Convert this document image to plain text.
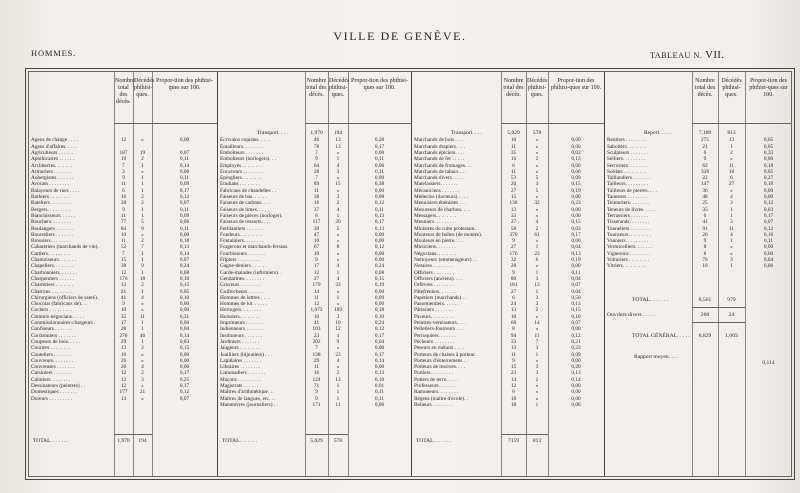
VILLE DE GENÈVE.
HOMMES.	TABLEAU N. VII.
Nombre total des décès.
Décédés phthisi-ques.
Propor-tion des phthisi-ques sur 100.
Agens de change . . . .	12	»	0,00
Agens d'affaires. . . . .
Agriculteurs . . . . . .	187	19	0,07
Apothicaires . . . . . .	19	2	0,11
Architectes. . . . . . .	7	1	0,14
Armuriers . . . . . . .	3	»	0,00
Aubergistes. . . . . . .	9	1	0,11
Avocats . . . . . . . .	11	1	0,09
Balayeurs de rues . . . .	6	1	0,17
Barbiers . . . . . . . .	16	2	0,12
Bateliers . . . . . . . .	28	2	0,07
Bergers. . . . . . . . .	9	1	0,11
Blanchisseurs. . . . . .	11	1	0,09
Bouchers. . . . . . . .	77	5	0,06
Boulangers . . . . . . .	84	9	0,11
Bourreliers . . . . . . .	10	»	0,00
Brossiers. . . . . . . .	11	2	0,18
Cabaretiers (marchands de vin).	52	7	0,13
Cartiers. . . . . . . . .	7	1	0,14
Chamoiseurs. . . . . . .	15	1	0,07
Chapeliers. . . . . . . .	38	9	0,24
Charbonniers. . . . . . .	12	1	0,08
Charpentiers . . . . . .	176	18	0,10
Charretiers . . . . . . .	13	2	0,15
Charrons . . . . . . . .	21	1	0,05
Chirurgiens (officiers de santé).	41	4	0,10
Chocolat (fabricans de). . .	9	»	0,00
Cochers . . . . . . . . .	10	»	0,00
Commis-négocians. . . . .	35	11	0,31
Commissionnaires-chargeurs .	17	1	0,06
Confiseurs . . . . . . .	28	1	0,04
Cordonniers . . . . . . .	276	46	0,14
Coupeurs de bois. . . . .	29	1	0,03
Couriers . . . . . . . .	13	2	0,15
Couteliers . . . . . . .	10	»	0,00
Couvreurs. . . . . . . .	26	»	0,00
Couvreuses . . . . . . .	26	4	0,00
Cuisiniers . . . . . . .	12	2	0,17
Culotiers. . . . . . . .	12	3	0,25
Dessinateurs (peintres) . .	12	»	0,17
Domestiques . . . . . . .	177	21	0,12
Doreurs . . . . . . . . .	13	»	0,07
TOTAL. . . . . . .	1,970	194
Nombre total des décès.
Décédés phthisi-ques.
Propor-tion des phthisi-ques sur 100.
Transport. . . .	1,970	194
Écrivains copistes. . . . .	46	13	0,28
Émailleurs. . . . . . . .	78	13	0,17
Emboîteurs . . . . . . .	7	»	0,00
Emboîteurs (horlogers). . .	9	1	0,11
Employés . . . . . . . .	64	4	0,06
Encaveurs . . . . . . . .	28	3	0,11
Épingliers. . . . . . . .	7	»	0,00
Étudians . . . . . . . .	89	15	0,38
Fabricans de chandelles . .	11	»	0,00
Faiseurs de bas. . . . . .	38	3	0,08
Faiseurs de cadrans. . . .	16	2	0,12
Faiseurs de limes. . . . .	37	4	0,11
Faiseurs de pièces (horloger).	8	1	0,13
Faiseurs de ressorts. . . .	117	20	0,17
Ferblantiers . . . . . . .	39	5	0,13
Fondeurs. . . . . . . . .	47	»	0,00
Fontainiers. . . . . . . .	10	»	0,00
Forgerons et marchands-ferrans.	67	8	0,12
Fourbisseurs . . . . . . .	10	»	0,00
Fripiers . . . . . . . . .	9	»	0,00
Gagne-deniers . . . . . .	17	4	0,24
Garde-malades (infirmiers). .	12	1	0,08
Gendarmes. . . . . . . .	27	4	0,15
Graveurs . . . . . . . .	179	33	0,19
Guillocheurs . . . . . .	14	»	0,00
Hommes de lettres . . . .	11	1	0,09
Hommes de loi. . . . . .	12	»	0,00
Horlogers. . . . . . . .	1,073	189	0,18
Huissiers. . . . . . . .	10	3	0,30
Imprimeurs . . . . . . .	41	10	0,24
Indienneurs . . . . . . .	103	12	0,12
Instituteurs . . . . . . .	23	4	0,17
Jardiniers . . . . . . .	202	9	0,04
Jaugeurs . . . . . . . .	7	»	0,00
Joailliers (bijoutiers) . . .	138	23	0,17
Lapidaires . . . . . . .	29	4	0,14
Libraires . . . . . . . .	11	»	0,00
Limonadiers . . . . . . .	16	2	0,13
Maçons . . . . . . . . .	124	12	0,10
Magistrats . . . . . . .	71	1	0,01
Maîtres d'arithmétique. . .	9	1	0,11
Maîtres de langues, etc. . .	9	1	0,11
Manœuvres (journaliers) . .	171	11	0,06
TOTAL. . . . . . .	5,029	578
Nombre total des décès.
Décédés phthisi-ques.
Propor-tion des phthisi-ques sur 100.
Transport. . . .	5,029	578
Marchands de bois . . . .	10	»	0,00
Marchands drapiers. . . .	11	»	0,00
Marchands épiciers. . . .	35	»	0,02
Marchands de fer . . . . .	16	2	0,13
Marchands de fromages. . .	8	»	0,00
Marchands de tabacs . . .	11	»	0,00
Marchands divers. . . . .	53	5	0,09
Matelassiers. . . . . . .	20	3	0,15
Mécaniciens . . . . . . .	27	5	0,19
Médecins (docteurs) . . . .	15	»	0,00
Menuisiers ébénistes . . .	138	32	0,23
Mesureurs de charbon. . . .	13	»	0,00
Messagers. . . . . . . .	33	»	0,00
Meuniers. . . . . . . . .	27	4	0,15
Ministres du culte protestant.	58	2	0,03
Monteurs de boîtes (de montre).	370	61	0,17
Mouleurs en pierre. . . .	9	»	0,00
Musiciens. . . . . . . .	27	1	0,04
Négocians. . . . . . . .	176	23	0,13
Nettoyeurs (emmenageurs) . .	32	6	0,19
Notaires . . . . . . . .	28	»	0,00
Officiers . . . . . . . .	9	1	0,11
Officiers (anciens). . . .	80	3	0,04
Orfèvres . . . . . . . .	181	13	0,07
Pâtefreniers. . . . . . .	27	1	0,04
Papetiers (marchands) . .	6	3	0,50
Passementiers. . . . . .	24	3	0,13
Pâtissiers . . . . . . .	13	2	0,15
Paveurs. . . . . . . . .	10	»	0,10
Peintres-vernisseurs. . . .	68	14	0,07
Pelletiers-fourreurs . . .	8	»	0,00
Perruquiers. . . . . . .	94	11	0,12
Pêcheurs . . . . . . . .	33	7	0,21
Peseurs en métaux . . . .	13	3	0,23
Porteurs de chaises à porteur.	11	1	0,09
Porteurs d'enterremens . .	9	»	0,00
Porteurs de lessives. . . .	15	3	0,20
Portiers. . . . . . . . .	23	3	0,13
Potiers de terre. . . . .	14	2	0,14
Professeurs. . . . . . .	12	»	0,00
Ramoneurs. . . . . . . .	8	»	0,00
Régens (maître d'école). .	18	»	0,00
Relieurs . . . . . . . .	18	1	0,06
TOTAL. . . . . . .	7159	813
Nombre total des décès.
Décédés phthisi-ques.
Propor-tion des phthisi-ques sur 100.
Report. . . . .	7,189	813
Rentiers . . . . . . . .	275	13	0,05
Sabotiers. . . . . . . .	21	1	0,05
Sculpteurs . . . . . . .	6	2	0,33
Selliers. . . . . . . . .	9	»	0,00
Serruriers. . . . . . . .	62	11	0,18
Soldats . . . . . . . . .	338	18	0,05
Taillandiers . . . . . . .	22	6	0,27
Tailleurs. . . . . . . . .	147	27	0,18
Tailleurs de pierres. . . .	36	»	0,00
Tanneurs . . . . . . . .	48	4	0,09
Teinturiers. . . . . . . .	25	3	0,12
Teneurs de livres. . . . .	35	1	0,03
Terrassiers . . . . . . .	6	1	0,17
Tisserands. . . . . . . .	41	3	0,07
Tonneliers . . . . . . . .	91	11	0,12
Tourneurs. . . . . . . . .	26	4	0,16
Vanniers. . . . . . . . .	9	1	0,11
Vermicelliers. . . . . . .	8	»	0,00
Vignerons . . . . . . . .	8	»	0,00
Voituriers . . . . . . . .	78	3	0,04
Vitriers. . . . . . . . .	18	1	0,06
TOTAL. . . . . . .	8,561	979
Ouvriers divers . . . . .	268	24
TOTAL GÉNÉRAL. . . . .	8,829	1,003
Rapport moyen. . . .
0,114
